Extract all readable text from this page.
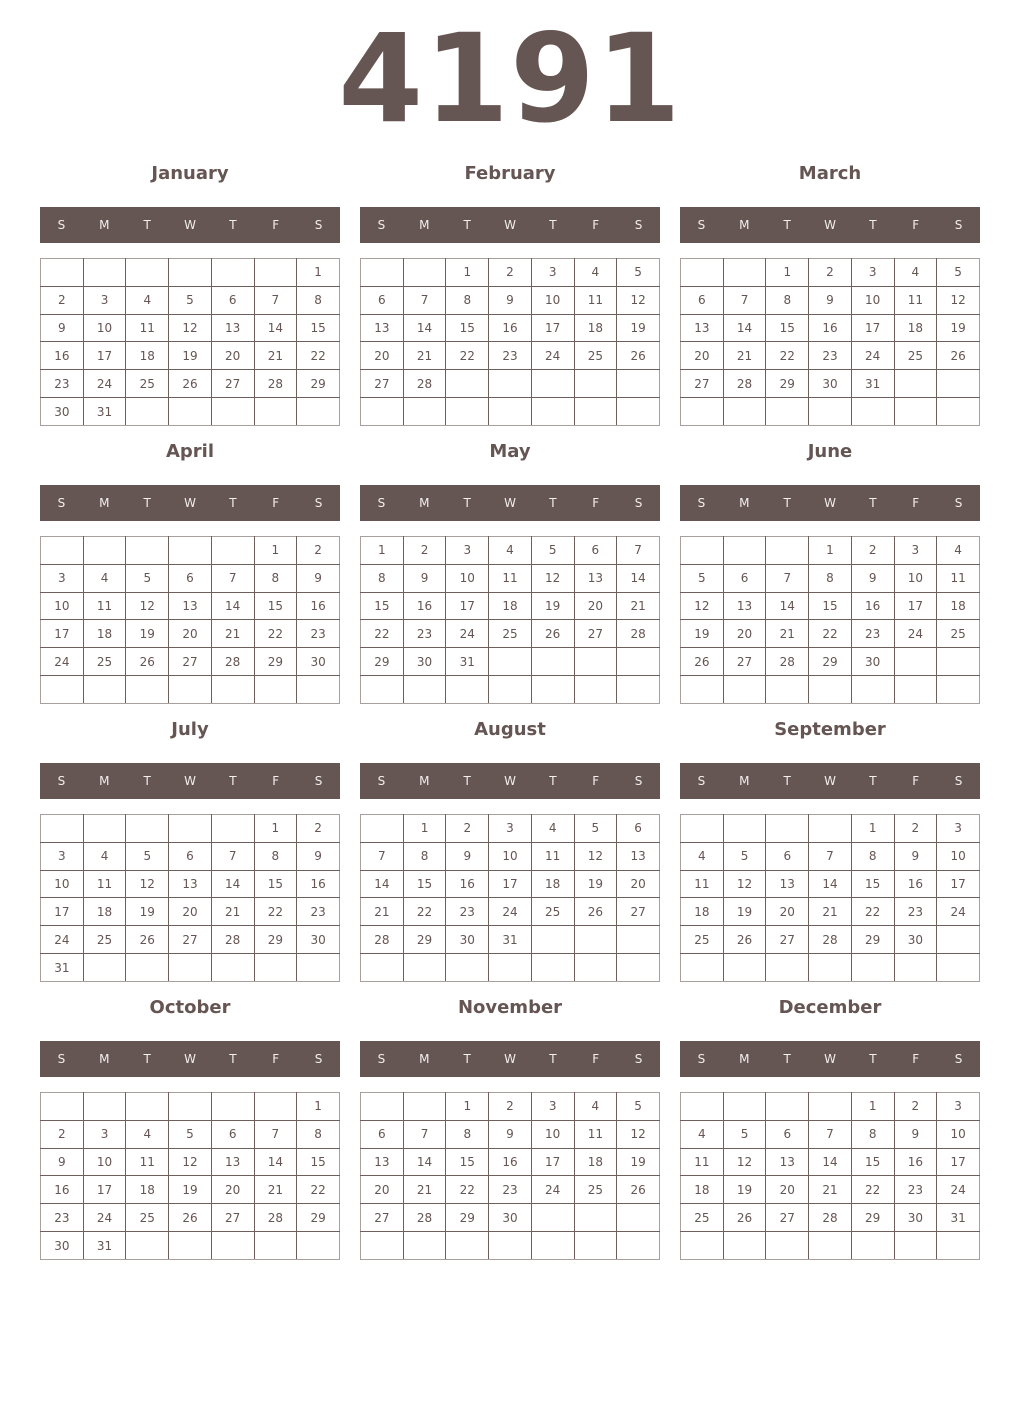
4191
January
S	M	T	W	T	F	S
						1
2	3	4	5	6	7	8
9	10	11	12	13	14	15
16	17	18	19	20	21	22
23	24	25	26	27	28	29
30	31					
February
S	M	T	W	T	F	S
		1	2	3	4	5
6	7	8	9	10	11	12
13	14	15	16	17	18	19
20	21	22	23	24	25	26
27	28					

March
S	M	T	W	T	F	S
		1	2	3	4	5
6	7	8	9	10	11	12
13	14	15	16	17	18	19
20	21	22	23	24	25	26
27	28	29	30	31		

April
S	M	T	W	T	F	S
					1	2
3	4	5	6	7	8	9
10	11	12	13	14	15	16
17	18	19	20	21	22	23
24	25	26	27	28	29	30

May
S	M	T	W	T	F	S
1	2	3	4	5	6	7
8	9	10	11	12	13	14
15	16	17	18	19	20	21
22	23	24	25	26	27	28
29	30	31				

June
S	M	T	W	T	F	S
			1	2	3	4
5	6	7	8	9	10	11
12	13	14	15	16	17	18
19	20	21	22	23	24	25
26	27	28	29	30		

July
S	M	T	W	T	F	S
					1	2
3	4	5	6	7	8	9
10	11	12	13	14	15	16
17	18	19	20	21	22	23
24	25	26	27	28	29	30
31						
August
S	M	T	W	T	F	S
	1	2	3	4	5	6
7	8	9	10	11	12	13
14	15	16	17	18	19	20
21	22	23	24	25	26	27
28	29	30	31			

September
S	M	T	W	T	F	S
				1	2	3
4	5	6	7	8	9	10
11	12	13	14	15	16	17
18	19	20	21	22	23	24
25	26	27	28	29	30	

October
S	M	T	W	T	F	S
						1
2	3	4	5	6	7	8
9	10	11	12	13	14	15
16	17	18	19	20	21	22
23	24	25	26	27	28	29
30	31					
November
S	M	T	W	T	F	S
		1	2	3	4	5
6	7	8	9	10	11	12
13	14	15	16	17	18	19
20	21	22	23	24	25	26
27	28	29	30			

December
S	M	T	W	T	F	S
				1	2	3
4	5	6	7	8	9	10
11	12	13	14	15	16	17
18	19	20	21	22	23	24
25	26	27	28	29	30	31
